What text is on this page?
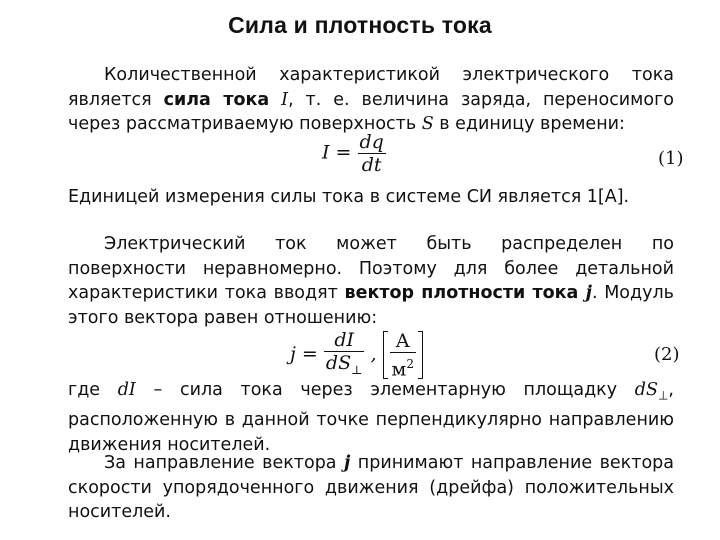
Сила и плотность тока

Количественной характеристикой электрического тока является сила тока I, т. е. величина заряда, переносимого через рассматриваемую поверхность S в единицу времени:

$I = \frac{dq}{dt}$	(1)

Единицей измерения силы тока в системе СИ является 1[А].

Электрический ток может быть распределен по поверхности неравномерно. Поэтому для более детальной характеристики тока вводят вектор плотности тока j. Модуль этого вектора равен отношению:

$j = \frac{dI}{dS_\perp}$ , $\frac{А}{м^2}$	(2)

где dI – сила тока через элементарную площадку $dS_\perp$, расположенную в данной точке перпендикулярно направлению движения носителей.

За направление вектора j принимают направление вектора скорости упорядоченного движения (дрейфа) положительных носителей.
